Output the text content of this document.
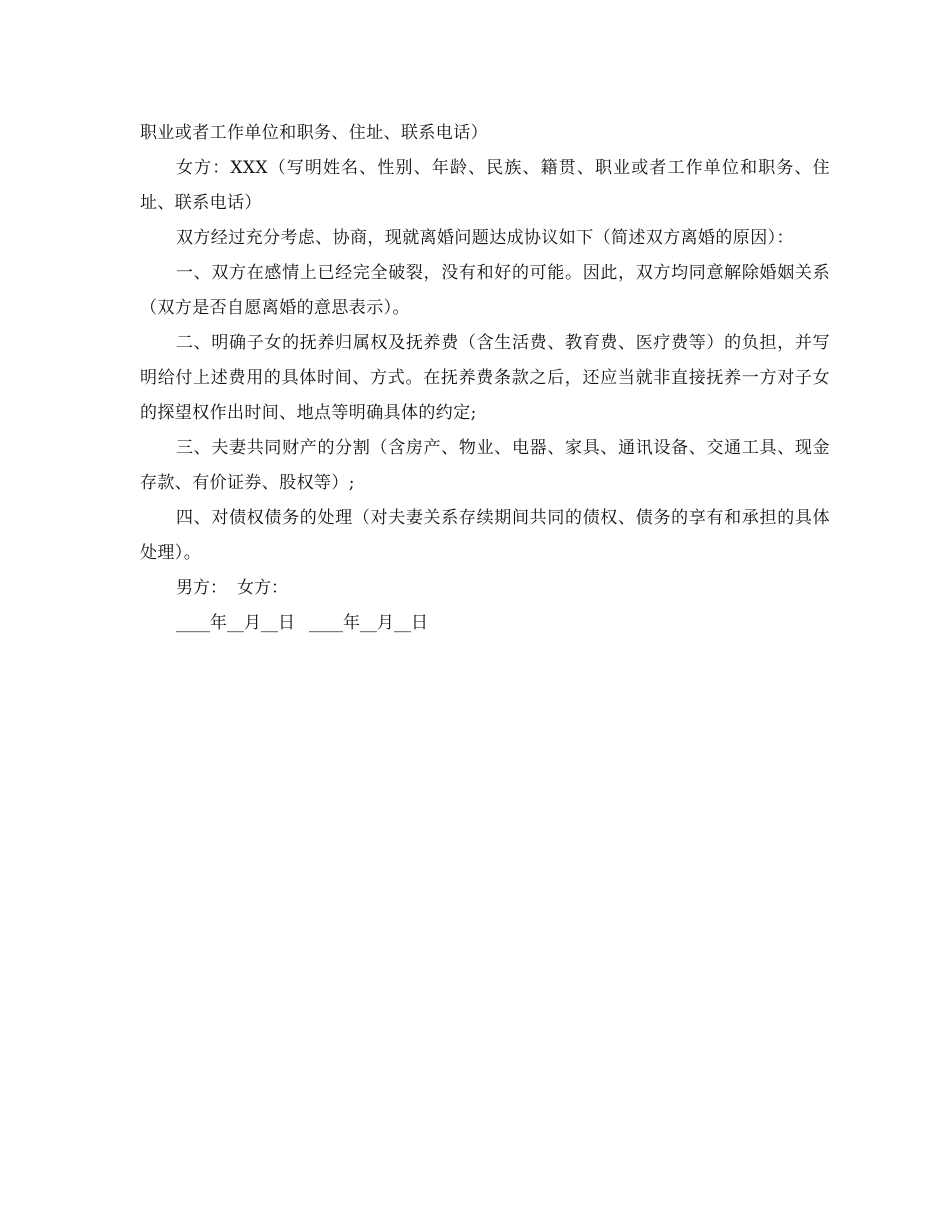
职业或者工作单位和职务、住址、联系电话）

女方：XXX（写明姓名、性别、年龄、民族、籍贯、职业或者工作单位和职务、住址、联系电话）

双方经过充分考虑、协商，现就离婚问题达成协议如下（简述双方离婚的原因）：

一、双方在感情上已经完全破裂，没有和好的可能。因此，双方均同意解除婚姻关系（双方是否自愿离婚的意思表示）。

二、明确子女的抚养归属权及抚养费（含生活费、教育费、医疗费等）的负担，并写明给付上述费用的具体时间、方式。在抚养费条款之后，还应当就非直接抚养一方对子女的探望权作出时间、地点等明确具体的约定;

三、夫妻共同财产的分割（含房产、物业、电器、家具、通讯设备、交通工具、现金存款、有价证券、股权等）;

四、对债权债务的处理（对夫妻关系存续期间共同的债权、债务的享有和承担的具体处理）。

男方： 女方：

____年__月__日 ____年__月__日
